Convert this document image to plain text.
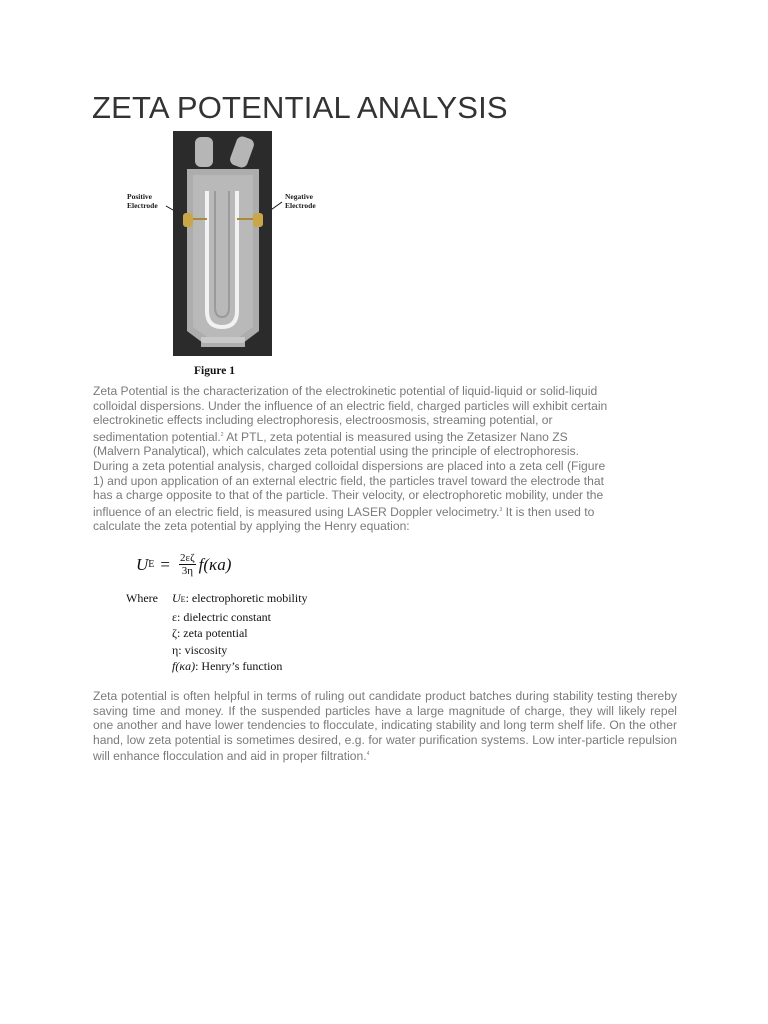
ZETA POTENTIAL ANALYSIS
Positive
Electrode
Negative
Electrode
Figure 1
Zeta Potential is the characterization of the electrokinetic potential of liquid-liquid or solid-liquid
colloidal dispersions. Under the influence of an electric field, charged particles will exhibit certain
electrokinetic effects including electrophoresis, electroosmosis, streaming potential, or
sedimentation potential.$^2$ At PTL, zeta potential is measured using the Zetasizer Nano ZS
(Malvern Panalytical), which calculates zeta potential using the principle of electrophoresis.
During a zeta potential analysis, charged colloidal dispersions are placed into a zeta cell (Figure
1) and upon application of an external electric field, the particles travel toward the electrode that
has a charge opposite to that of the particle. Their velocity, or electrophoretic mobility, under the
influence of an electric field, is measured using LASER Doppler velocimetry.$^3$ It is then used to
calculate the zeta potential by applying the Henry equation:
U $E = \frac{2\varepsilon\zeta}{3\eta} f(\kappa a)$
Where	UE: electrophoretic mobility
ε: dielectric constant
ζ: zeta potential
η: viscosity
f(κa): Henry’s function

Zeta potential is often helpful in terms of ruling out candidate product batches during stability testing thereby saving time and money. If the suspended particles have a large magnitude of charge, they will likely repel one another and have lower tendencies to flocculate, indicating stability and long term shelf life. On the other hand, low zeta potential is sometimes desired, e.g. for water purification systems. Low inter-particle repulsion will enhance flocculation and aid in proper filtration.$^4$
